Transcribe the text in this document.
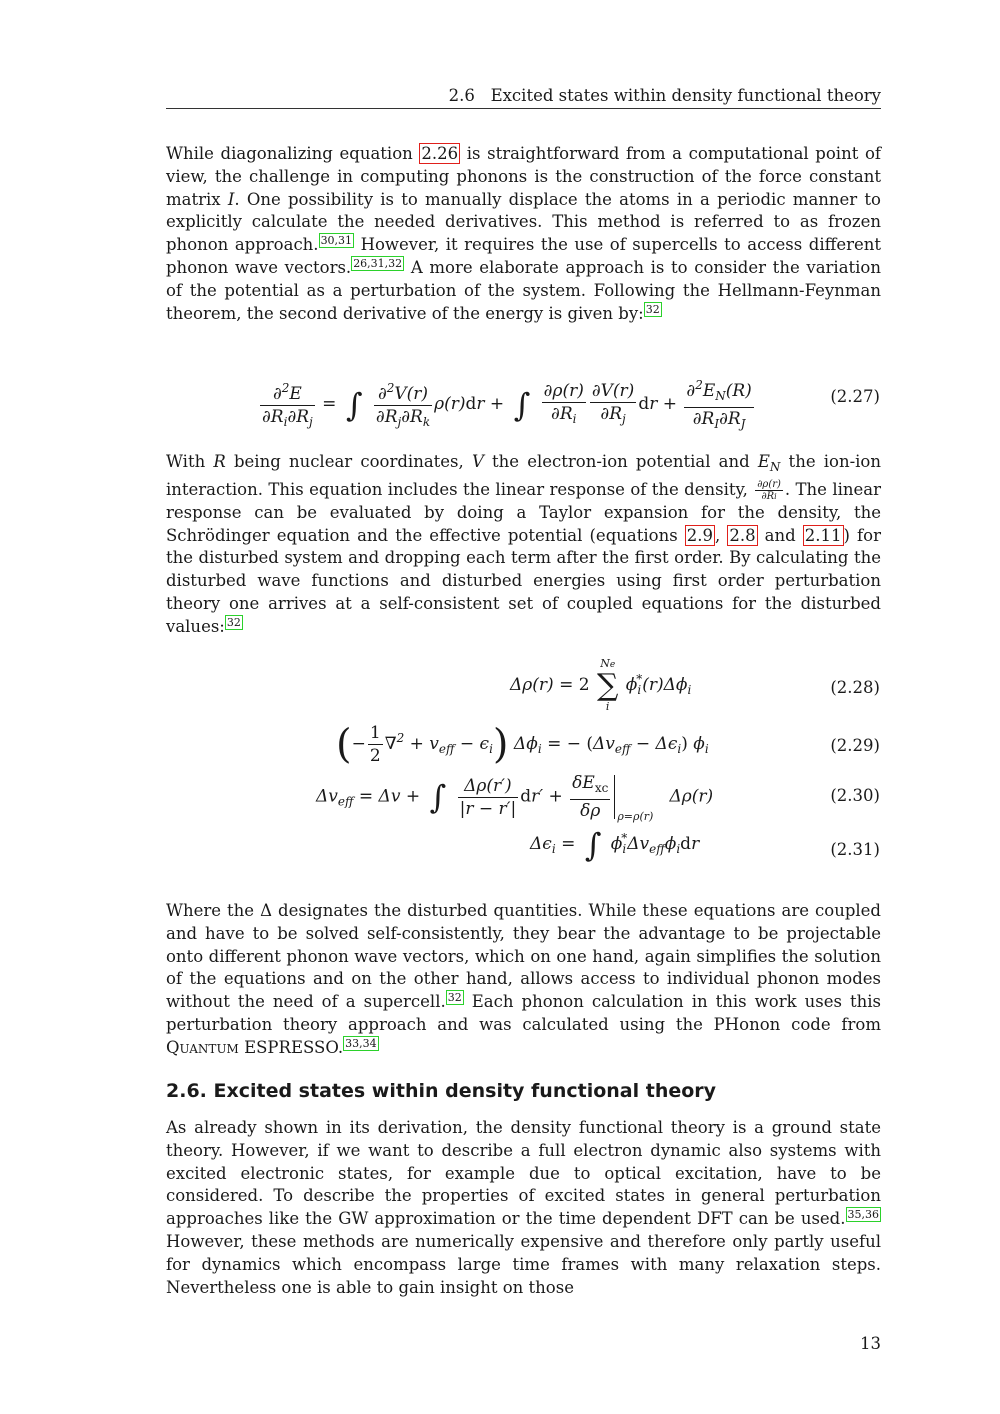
2.6 Excited states within density functional theory

While diagonalizing equation 2.26 is straightforward from a computational point of view, the challenge in computing phonons is the construction of the force constant matrix I. One possibility is to manually displace the atoms in a periodic manner to explicitly calculate the needed derivatives. This method is referred to as frozen phonon approach. $^{30,31}$ However, it requires the use of supercells to access different phonon wave vectors. $^{26,31,32}$ A more elaborate approach is to consider the variation of the potential as a perturbation of the system. Following the Hellmann-Feynman theorem, the second derivative of the energy is given by: $^{32}$

$\frac{\partial^2E}{\partial R_i\partial R_j}$ = ∫ $\frac{\partial^2V(r)}{\partial R_j\partial R_k} \rho(r)dr$ + ∫ $\frac{\partial\rho(r)}{\partial R_i} \frac{\partial V(r)}{\partial R_j}$ dr + $\frac{\partial^2E_N(R)}{\partial R_I\partial R_J}$	(2.27)

With R being nuclear coordinates, V the electron-ion potential and $E_N$ the ion-ion interaction. This equation includes the linear response of the density, $\frac{\partial\rho(r)}{\partial Ri}$ . The linear response can be evaluated by doing a Taylor expansion for the density, the Schrödinger equation and the effective potential (equations 2.9 , 2.8 and 2.11 ) for the disturbed system and dropping each term after the first order. By calculating the disturbed wave functions and disturbed energies using first order perturbation theory one arrives at a self-consistent set of coupled equations for the disturbed values: $^{32}$

Δρ(r) = 2
Ne
∑
i
$\phi_i^*(r)\Delta\phi_i$	(2.28)
(− $\frac{1}{2} \nabla^2 + v_{eff} - \epsilon_i$) $\Delta\phi_i$ = − $(\Delta v_{eff} - \Delta\epsilon_i)$ $\phi_i$	(2.29)
$\Delta v_{eff} = \Delta v$ + ∫ $\frac{\Delta\rho(r')}{|r - r'|} dr' + \frac{\delta E_{xc}}{\delta\rho} _{\rho=\rho(r)}$   Δρ(r)	(2.30)
$\Delta\epsilon_i$ = ∫ $\phi_i^*\Delta v_{eff}\phi_idr$	(2.31)

Where the Δ designates the disturbed quantities. While these equations are coupled and have to be solved self-consistently, they bear the advantage to be projectable onto different phonon wave vectors, which on one hand, again simplifies the solution of the equations and on the other hand, allows access to individual phonon modes without the need of a supercell. $^{32}$ Each phonon calculation in this work uses this perturbation theory approach and was calculated using the PHonon code from Quantum ESPRESSO. $^{33,34}$

2.6. Excited states within density functional theory

As already shown in its derivation, the density functional theory is a ground state theory. However, if we want to describe a full electron dynamic also systems with excited electronic states, for example due to optical excitation, have to be considered. To describe the properties of excited states in general perturbation approaches like the GW approximation or the time dependent DFT can be used. $^{35,36}$ However, these methods are numerically expensive and therefore only partly useful for dynamics which encompass large time frames with many relaxation steps. Nevertheless one is able to gain insight on those

13
